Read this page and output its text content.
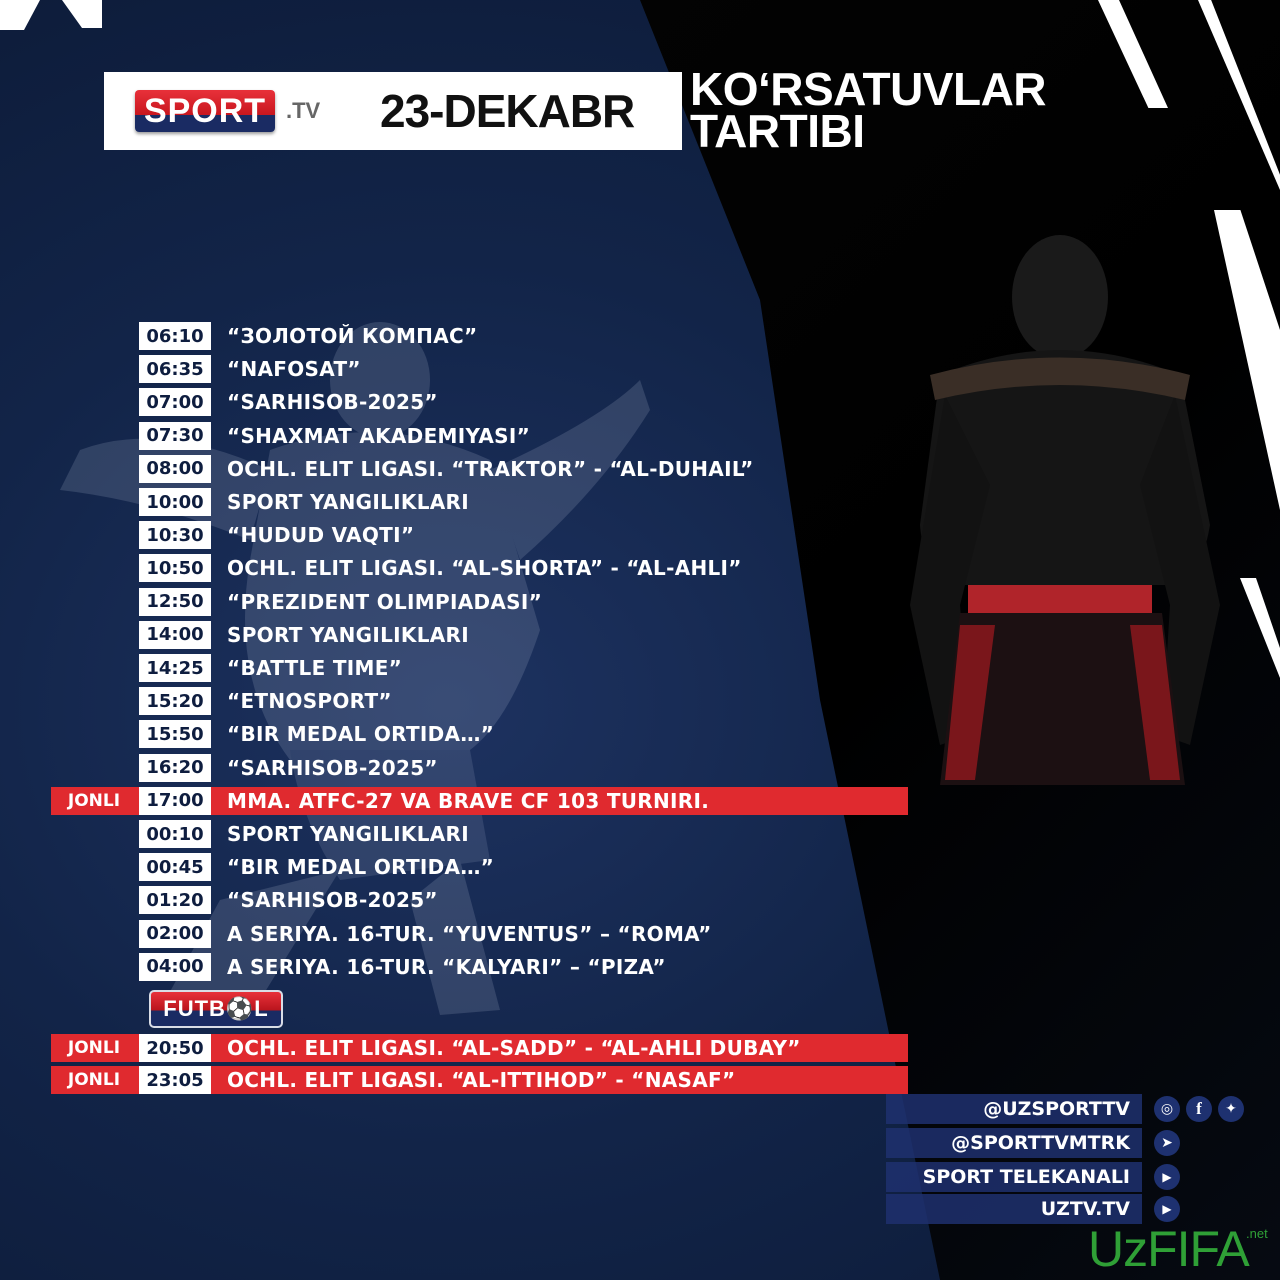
SPORT .TV 23-DEKABR KO‘RSATUVLAR
TARTIBI
06:10	“ЗОЛОТОЙ КОМПАС”
06:35	“NAFOSAT”
07:00	“SARHISOB-2025”
07:30	“SHAXMAT AKADEMIYASI”
08:00	OCHL. ELIT LIGASI. “TRAKTOR” - “AL-DUHAIL”
10:00	SPORT YANGILIKLARI
10:30	“HUDUD VAQTI”
10:50	OCHL. ELIT LIGASI. “AL-SHORTA” - “AL-AHLI”
12:50	“PREZIDENT OLIMPIADASI”
14:00	SPORT YANGILIKLARI
14:25	“BATTLE TIME”
15:20	“ETNOSPORT”
15:50	“BIR MEDAL ORTIDA…”
16:20	“SARHISOB-2025”
JONLI	17:00	MMA. ATFC-27 VA BRAVE CF 103 TURNIRI.
00:10	SPORT YANGILIKLARI
00:45	“BIR MEDAL ORTIDA…”
01:20	“SARHISOB-2025”
02:00	A SERIYA. 16-TUR. “YUVENTUS” – “ROMA”
04:00	A SERIYA. 16-TUR. “KALYARI” – “PIZA”
FUTB⚽L
JONLI	20:50	OCHL. ELIT LIGASI. “AL-SADD” - “AL-AHLI DUBAY”
JONLI	23:05	OCHL. ELIT LIGASI. “AL-ITTIHOD” - “NASAF”
@UZSPORTTV
@SPORTTVMTRK
SPORT TELEKANALI
UZTV.TV
◎	f	✦
➤
▶
▶
UzFIFA
.net
